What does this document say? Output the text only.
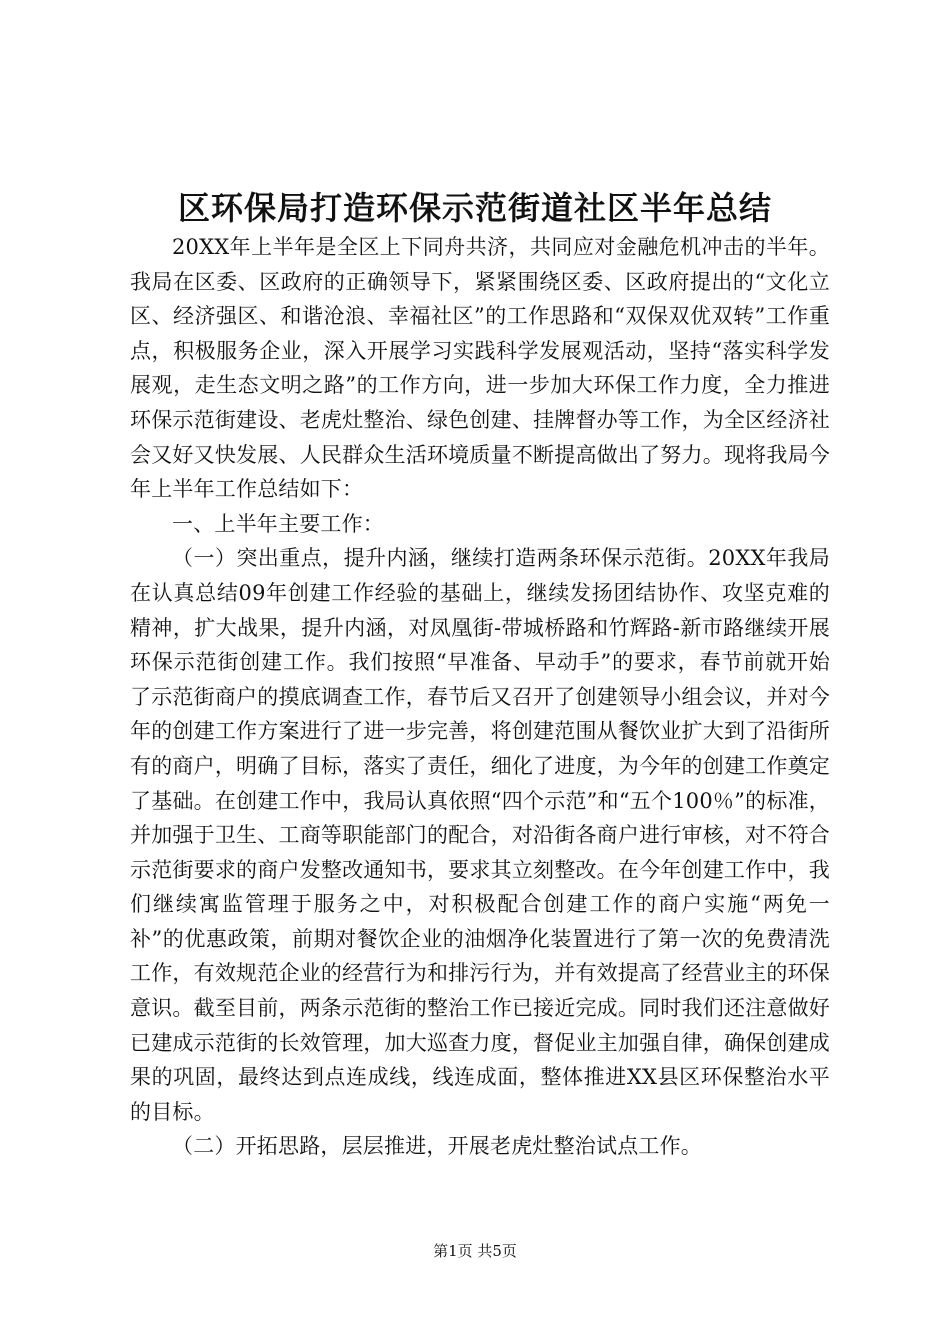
区环保局打造环保示范街道社区半年总结

20XX年上半年是全区上下同舟共济，共同应对金融危机冲击的半年。我局在区委、区政府的正确领导下，紧紧围绕区委、区政府提出的“文化立区、经济强区、和谐沧浪、幸福社区”的工作思路和“双保双优双转”工作重点，积极服务企业，深入开展学习实践科学发展观活动，坚持“落实科学发展观，走生态文明之路”的工作方向，进一步加大环保工作力度，全力推进环保示范街建设、老虎灶整治、绿色创建、挂牌督办等工作，为全区经济社会又好又快发展、人民群众生活环境质量不断提高做出了努力。现将我局今年上半年工作总结如下：

一、上半年主要工作：

（一）突出重点，提升内涵，继续打造两条环保示范街。20XX年我局在认真总结09年创建工作经验的基础上，继续发扬团结协作、攻坚克难的精神，扩大战果，提升内涵，对凤凰街-带城桥路和竹辉路-新市路继续开展环保示范街创建工作。我们按照“早准备、早动手”的要求，春节前就开始了示范街商户的摸底调查工作，春节后又召开了创建领导小组会议，并对今年的创建工作方案进行了进一步完善，将创建范围从餐饮业扩大到了沿街所有的商户，明确了目标，落实了责任，细化了进度，为今年的创建工作奠定了基础。在创建工作中，我局认真依照“四个示范”和“五个100％”的标准，并加强于卫生、工商等职能部门的配合，对沿街各商户进行审核，对不符合示范街要求的商户发整改通知书，要求其立刻整改。在今年创建工作中，我们继续寓监管理于服务之中，对积极配合创建工作的商户实施“两免一补”的优惠政策，前期对餐饮企业的油烟净化装置进行了第一次的免费清洗工作，有效规范企业的经营行为和排污行为，并有效提高了经营业主的环保意识。截至目前，两条示范街的整治工作已接近完成。同时我们还注意做好已建成示范街的长效管理，加大巡查力度，督促业主加强自律，确保创建成果的巩固，最终达到点连成线，线连成面，整体推进XX县区环保整治水平的目标。

（二）开拓思路，层层推进，开展老虎灶整治试点工作。

第1页 共5页
